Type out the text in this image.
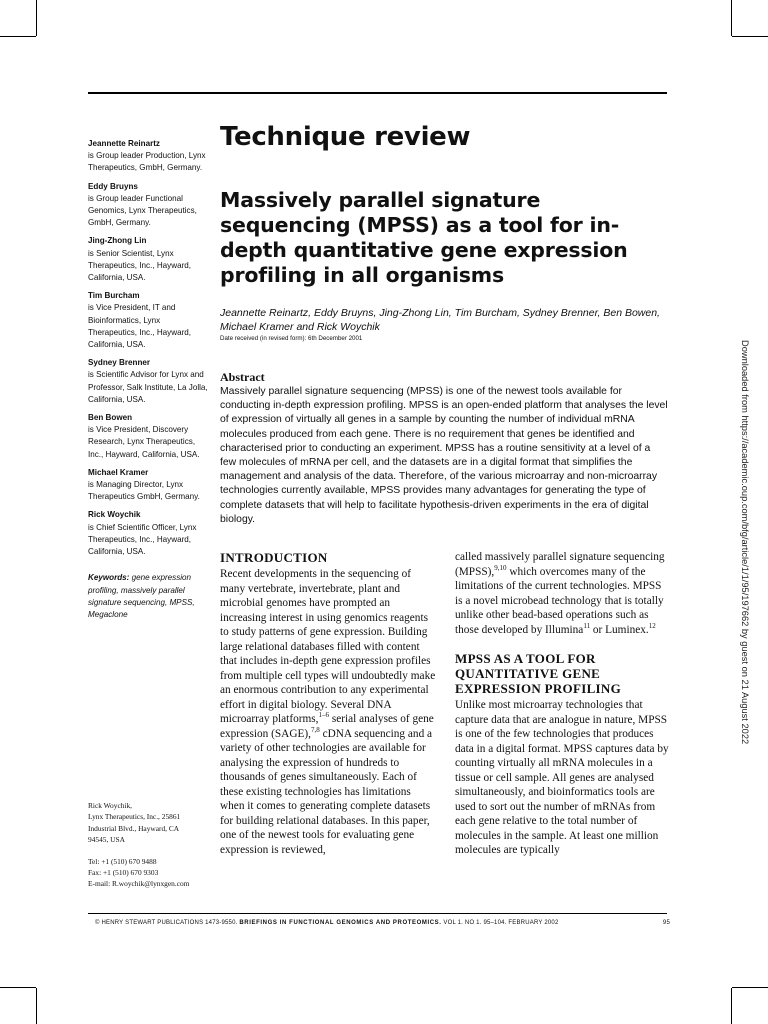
Jeannette Reinartz
is Group leader Production, Lynx Therapeutics, GmbH, Germany.
Eddy Bruyns
is Group leader Functional Genomics, Lynx Therapeutics, GmbH, Germany.
Jing-Zhong Lin
is Senior Scientist, Lynx Therapeutics, Inc., Hayward, California, USA.
Tim Burcham
is Vice President, IT and Bioinformatics, Lynx Therapeutics, Inc., Hayward, California, USA.
Sydney Brenner
is Scientific Advisor for Lynx and Professor, Salk Institute, La Jolla, California, USA.
Ben Bowen
is Vice President, Discovery Research, Lynx Therapeutics, Inc., Hayward, California, USA.
Michael Kramer
is Managing Director, Lynx Therapeutics GmbH, Germany.
Rick Woychik
is Chief Scientific Officer, Lynx Therapeutics, Inc., Hayward, California, USA.
Keywords: gene expression profiling, massively parallel signature sequencing, MPSS, Megaclone
Rick Woychik,
Lynx Therapeutics, Inc., 25861
Industrial Blvd., Hayward, CA
94545, USA
Tel: +1 (510) 670 9488
Fax: +1 (510) 670 9303
E-mail: R.woychik@lynxgen.com
Technique review
Massively parallel signature sequencing (MPSS) as a tool for in-depth quantitative gene expression profiling in all organisms
Jeannette Reinartz, Eddy Bruyns, Jing-Zhong Lin, Tim Burcham, Sydney Brenner, Ben Bowen, Michael Kramer and Rick Woychik
Date received (in revised form): 6th December 2001
Abstract
Massively parallel signature sequencing (MPSS) is one of the newest tools available for conducting in-depth expression profiling. MPSS is an open-ended platform that analyses the level of expression of virtually all genes in a sample by counting the number of individual mRNA molecules produced from each gene. There is no requirement that genes be identified and characterised prior to conducting an experiment. MPSS has a routine sensitivity at a level of a few molecules of mRNA per cell, and the datasets are in a digital format that simplifies the management and analysis of the data. Therefore, of the various microarray and non-microarray technologies currently available, MPSS provides many advantages for generating the type of complete datasets that will help to facilitate hypothesis-driven experiments in the era of digital biology.
INTRODUCTION

Recent developments in the sequencing of many vertebrate, invertebrate, plant and microbial genomes have prompted an increasing interest in using genomics reagents to study patterns of gene expression. Building large relational databases filled with content that includes in-depth gene expression profiles from multiple cell types will undoubtedly make an enormous contribution to any experimental effort in digital biology. Several DNA microarray platforms,$^{1-6}$ serial analyses of gene expression (SAGE),$^{7,8}$ cDNA sequencing and a variety of other technologies are available for analysing the expression of hundreds to thousands of genes simultaneously. Each of these existing technologies has limitations when it comes to generating complete datasets for building relational databases. In this paper, one of the newest tools for evaluating gene expression is reviewed,

called massively parallel signature sequencing (MPSS),$^{9,10}$ which overcomes many of the limitations of the current technologies. MPSS is a novel microbead technology that is totally unlike other bead-based operations such as those developed by Illumina$^{11}$ or Luminex.$^{12}$

MPSS AS A TOOL FOR QUANTITATIVE GENE EXPRESSION PROFILING

Unlike most microarray technologies that capture data that are analogue in nature, MPSS is one of the few technologies that produces data in a digital format. MPSS captures data by counting virtually all mRNA molecules in a tissue or cell sample. All genes are analysed simultaneously, and bioinformatics tools are used to sort out the number of mRNAs from each gene relative to the total number of molecules in the sample. At least one million molecules are typically

© HENRY STEWART PUBLICATIONS 1473-9550. BRIEFINGS IN FUNCTIONAL GENOMICS AND PROTEOMICS. VOL 1. NO 1. 95–104. FEBRUARY 2002	95
Downloaded from https://academic.oup.com/bfg/article/1/1/95/197662 by guest on 21 August 2022
